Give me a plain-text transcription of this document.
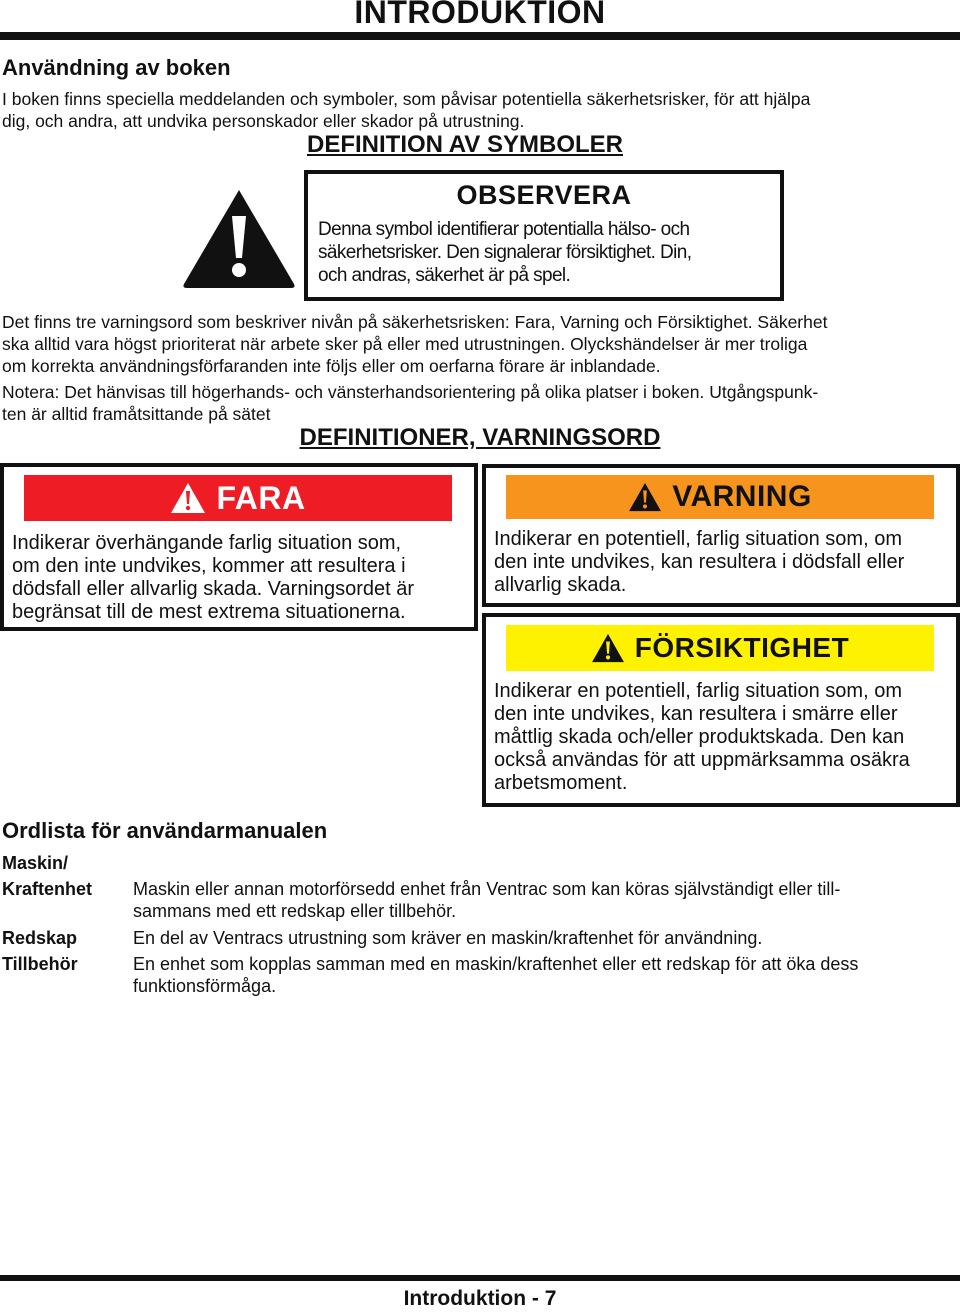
INTRODUKTION
Användning av boken
I boken finns speciella meddelanden och symboler, som påvisar potentiella säkerhetsrisker, för att hjälpa
dig, och andra, att undvika personskador eller skador på utrustning.
DEFINITION AV SYMBOLER
OBSERVERA
Denna symbol identifierar potentialla hälso- och
säkerhetsrisker. Den signalerar försiktighet. Din,
och andras, säkerhet är på spel.
Det finns tre varningsord som beskriver nivån på säkerhetsrisken: Fara, Varning och Försiktighet. Säkerhet
ska alltid vara högst prioriterat när arbete sker på eller med utrustningen. Olyckshändelser är mer troliga
om korrekta användningsförfaranden inte följs eller om oerfarna förare är inblandade.
Notera: Det hänvisas till högerhands- och vänsterhandsorientering på olika platser i boken. Utgångspunk-
ten är alltid framåtsittande på sätet
DEFINITIONER, VARNINGSORD
FARA
Indikerar överhängande farlig situation som,
om den inte undvikes, kommer att resultera i
dödsfall eller allvarlig skada. Varningsordet är
begränsat till de mest extrema situationerna.
VARNING
Indikerar en potentiell, farlig situation som, om
den inte undvikes, kan resultera i dödsfall eller
allvarlig skada.
FÖRSIKTIGHET
Indikerar en potentiell, farlig situation som, om
den inte undvikes, kan resultera i smärre eller
måttlig skada och/eller produktskada. Den kan
också användas för att uppmärksamma osäkra
arbetsmoment.
Ordlista för användarmanualen
Maskin/
Kraftenhet Maskin eller annan motorförsedd enhet från Ventrac som kan köras självständigt eller till-
sammans med ett redskap eller tillbehör.
Redskap	En del av Ventracs utrustning som kräver en maskin/kraftenhet för användning.
Tillbehör	En enhet som kopplas samman med en maskin/kraftenhet eller ett redskap för att öka dess
funktionsförmåga.
Introduktion - 7
